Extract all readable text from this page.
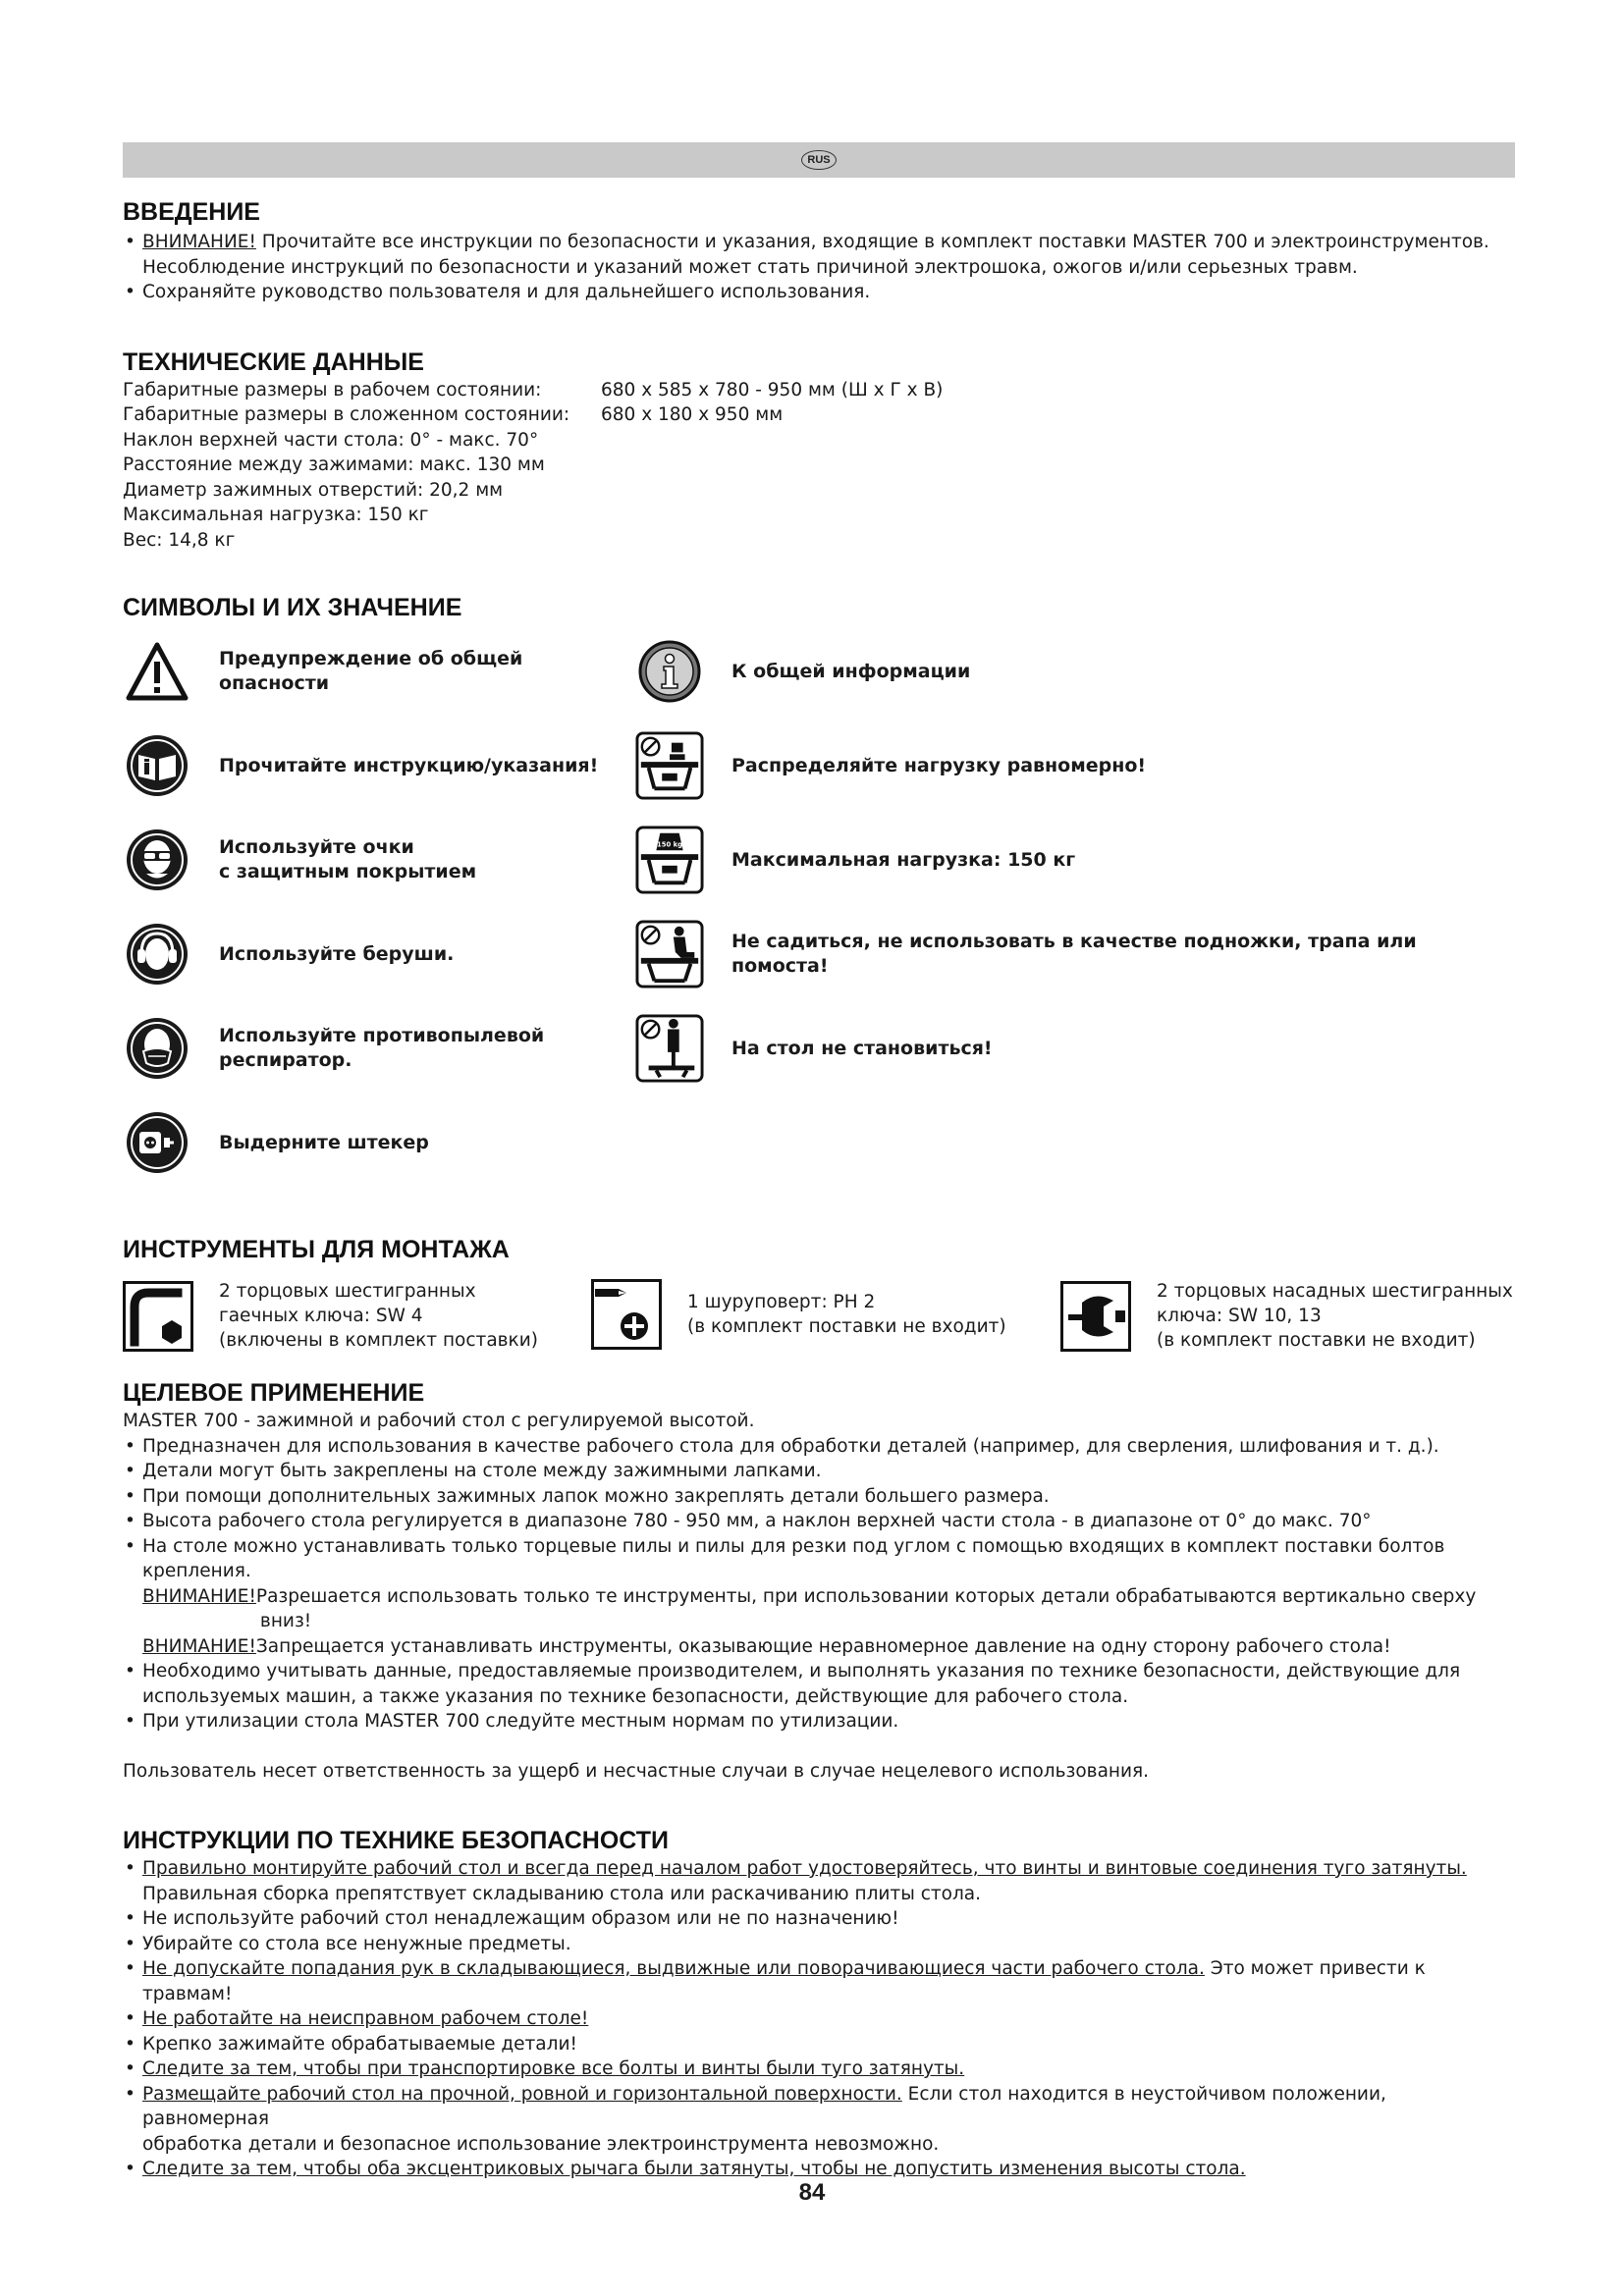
RUS
ВВЕДЕНИЕ
• ВНИМАНИЕ! Прочитайте все инструкции по безопасности и указания, входящие в комплект поставки MASTER 700 и электроинструментов.
Несоблюдение инструкций по безопасности и указаний может стать причиной электрошока, ожогов и/или серьезных травм.
• Сохраняйте руководство пользователя и для дальнейшего использования.
ТЕХНИЧЕСКИЕ ДАННЫЕ
Габаритные размеры в рабочем состоянии:	680 x 585 x 780 - 950 мм (Ш x Г x В)
Габаритные размеры в сложенном состоянии:	680 x 180 x 950 мм
Наклон верхней части стола: 0° - макс. 70°
Расстояние между зажимами: макс. 130 мм
Диаметр зажимных отверстий: 20,2 мм
Максимальная нагрузка: 150 кг
Вес: 14,8 кг
СИМВОЛЫ И ИХ ЗНАЧЕНИЕ
Предупреждение об общей
опасности
Прочитайте инструкцию/указания!
Используйте очки
с защитным покрытием
Используйте беруши.
Используйте противопылевой
респиратор.
Выдерните штекер
К общей информации
Распределяйте нагрузку равномерно!
150 kg
Максимальная нагрузка: 150 кг
Не садиться, не использовать в качестве подножки, трапа или помоста!
На стол не становиться!
ИНСТРУМЕНТЫ ДЛЯ МОНТАЖА
2 торцовых шестигранных
гаечных ключа: SW 4
(включены в комплект поставки)
1 шуруповерт: PH 2
(в комплект поставки не входит)
2 торцовых насадных шестигранных
ключа: SW 10, 13
(в комплект поставки не входит)
ЦЕЛЕВОЕ ПРИМЕНЕНИЕ
MASTER 700 - зажимной и рабочий стол с регулируемой высотой.
• Предназначен для использования в качестве рабочего стола для обработки деталей (например, для сверления, шлифования и т. д.).
• Детали могут быть закреплены на столе между зажимными лапками.
• При помощи дополнительных зажимных лапок можно закреплять детали большего размера.
• Высота рабочего стола регулируется в диапазоне 780 - 950 мм, а наклон верхней части стола - в диапазоне от 0° до макс. 70°
• На столе можно устанавливать только торцевые пилы и пилы для резки под углом с помощью входящих в комплект поставки болтов
крепления.
ВНИМАНИЕ! Разрешается использовать только те инструменты, при использовании которых детали обрабатываются вертикально сверху
вниз!
ВНИМАНИЕ! Запрещается устанавливать инструменты, оказывающие неравномерное давление на одну сторону рабочего стола!
• Необходимо учитывать данные, предоставляемые производителем, и выполнять указания по технике безопасности, действующие для
используемых машин, а также указания по технике безопасности, действующие для рабочего стола.
• При утилизации стола MASTER 700 следуйте местным нормам по утилизации.
Пользователь несет ответственность за ущерб и несчастные случаи в случае нецелевого использования.
ИНСТРУКЦИИ ПО ТЕХНИКЕ БЕЗОПАСНОСТИ
• Правильно монтируйте рабочий стол и всегда перед началом работ удостоверяйтесь, что винты и винтовые соединения туго затянуты.
Правильная сборка препятствует складыванию стола или раскачиванию плиты стола.
• Не используйте рабочий стол ненадлежащим образом или не по назначению!
• Убирайте со стола все ненужные предметы.
• Не допускайте попадания рук в складывающиеся, выдвижные или поворачивающиеся части рабочего стола. Это может привести к травмам!
• Не работайте на неисправном рабочем столе!
• Крепко зажимайте обрабатываемые детали!
• Следите за тем, чтобы при транспортировке все болты и винты были туго затянуты.
• Размещайте рабочий стол на прочной, ровной и горизонтальной поверхности. Если стол находится в неустойчивом положении, равномерная
обработка детали и безопасное использование электроинструмента невозможно.
• Следите за тем, чтобы оба эксцентриковых рычага были затянуты, чтобы не допустить изменения высоты стола.
84
